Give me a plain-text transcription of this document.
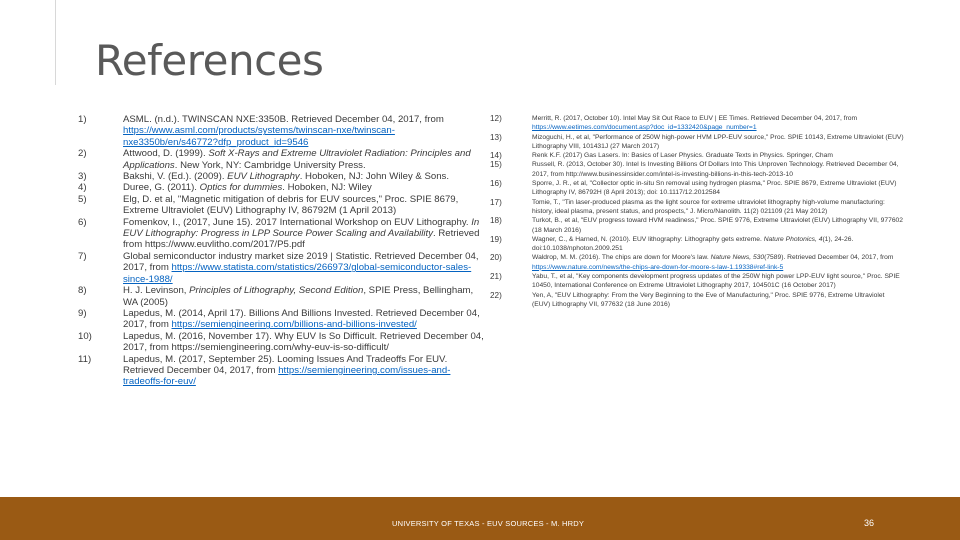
References
1)	ASML. (n.d.). TWINSCAN NXE:3350B. Retrieved December 04, 2017, from https://www.asml.com/products/systems/twinscan-nxe/twinscan-nxe3350b/en/s46772?dfp_product_id=9546
2)	Attwood, D. (1999). Soft X-Rays and Extreme Ultraviolet Radiation: Principles and Applications. New York, NY: Cambridge University Press.
3)	Bakshi, V. (Ed.). (2009). EUV Lithography. Hoboken, NJ: John Wiley & Sons.
4)	Duree, G. (2011). Optics for dummies. Hoboken, NJ: Wiley
5)	Elg, D. et al, "Magnetic mitigation of debris for EUV sources," Proc. SPIE 8679, Extreme Ultraviolet (EUV) Lithography IV, 86792M (1 April 2013)
6)	Fomenkov, I., (2017, June 15). 2017 International Workshop on EUV Lithography. In EUV Lithography: Progress in LPP Source Power Scaling and Availability. Retrieved from https://www.euvlitho.com/2017/P5.pdf
7)	Global semiconductor industry market size 2019 | Statistic. Retrieved December 04, 2017, from https://www.statista.com/statistics/266973/global-semiconductor-sales-since-1988/
8)	H. J. Levinson, Principles of Lithography, Second Edition, SPIE Press, Bellingham, WA (2005)
9)	Lapedus, M. (2014, April 17). Billions And Billions Invested. Retrieved December 04, 2017, from https://semiengineering.com/billions-and-billions-invested/
10)	Lapedus, M. (2016, November 17). Why EUV Is So Difficult. Retrieved December 04, 2017, from https://semiengineering.com/why-euv-is-so-difficult/
11)	Lapedus, M. (2017, September 25). Looming Issues And Tradeoffs For EUV. Retrieved December 04, 2017, from https://semiengineering.com/issues-and-tradeoffs-for-euv/
12)	Merritt, R. (2017, October 10). Intel May Sit Out Race to EUV | EE Times. Retrieved December 04, 2017, from https://www.eetimes.com/document.asp?doc_id=1332420&page_number=1
13)	Mizoguchi, H., et al, "Performance of 250W high-power HVM LPP-EUV source," Proc. SPIE 10143, Extreme Ultraviolet (EUV) Lithography VIII, 101431J (27 March 2017)
14)	Renk K.F. (2017) Gas Lasers. In: Basics of Laser Physics. Graduate Texts in Physics. Springer, Cham
15)	Russell, R. (2013, October 30). Intel Is Investing Billions Of Dollars Into This Unproven Technology. Retrieved December 04, 2017, from http://www.businessinsider.com/intel-is-investing-billions-in-this-tech-2013-10
16)	Sporre, J. R., et al, "Collector optic in-situ Sn removal using hydrogen plasma," Proc. SPIE 8679, Extreme Ultraviolet (EUV) Lithography IV, 86792H (8 April 2013); doi: 10.1117/12.2012584
17)	Tomie, T., "Tin laser-produced plasma as the light source for extreme ultraviolet lithography high-volume manufacturing: history, ideal plasma, present status, and prospects," J. Micro/Nanolith. 11(2) 021109 (21 May 2012)
18)	Turkot, B., et al, "EUV progress toward HVM readiness," Proc. SPIE 9776, Extreme Ultraviolet (EUV) Lithography VII, 977602 (18 March 2016)
19)	Wagner, C., & Harned, N. (2010). EUV lithography: Lithography gets extreme. Nature Photonics, 4(1), 24-26. doi:10.1038/nphoton.2009.251
20)	Waldrop, M. M. (2016). The chips are down for Moore's law. Nature News, 530(7589). Retrieved December 04, 2017, from https://www.nature.com/news/the-chips-are-down-for-moore-s-law-1.19338#ref-link-5
21)	Yabu, T., et al, "Key components development progress updates of the 250W high power LPP-EUV light source," Proc. SPIE 10450, International Conference on Extreme Ultraviolet Lithography 2017, 104501C (16 October 2017)
22)	Yen, A, "EUV Lithography: From the Very Beginning to the Eve of Manufacturing," Proc. SPIE 9776, Extreme Ultraviolet (EUV) Lithography VII, 977632 (18 June 2016)
UNIVERSITY OF TEXAS - EUV SOURCES - M. HRDY	36
